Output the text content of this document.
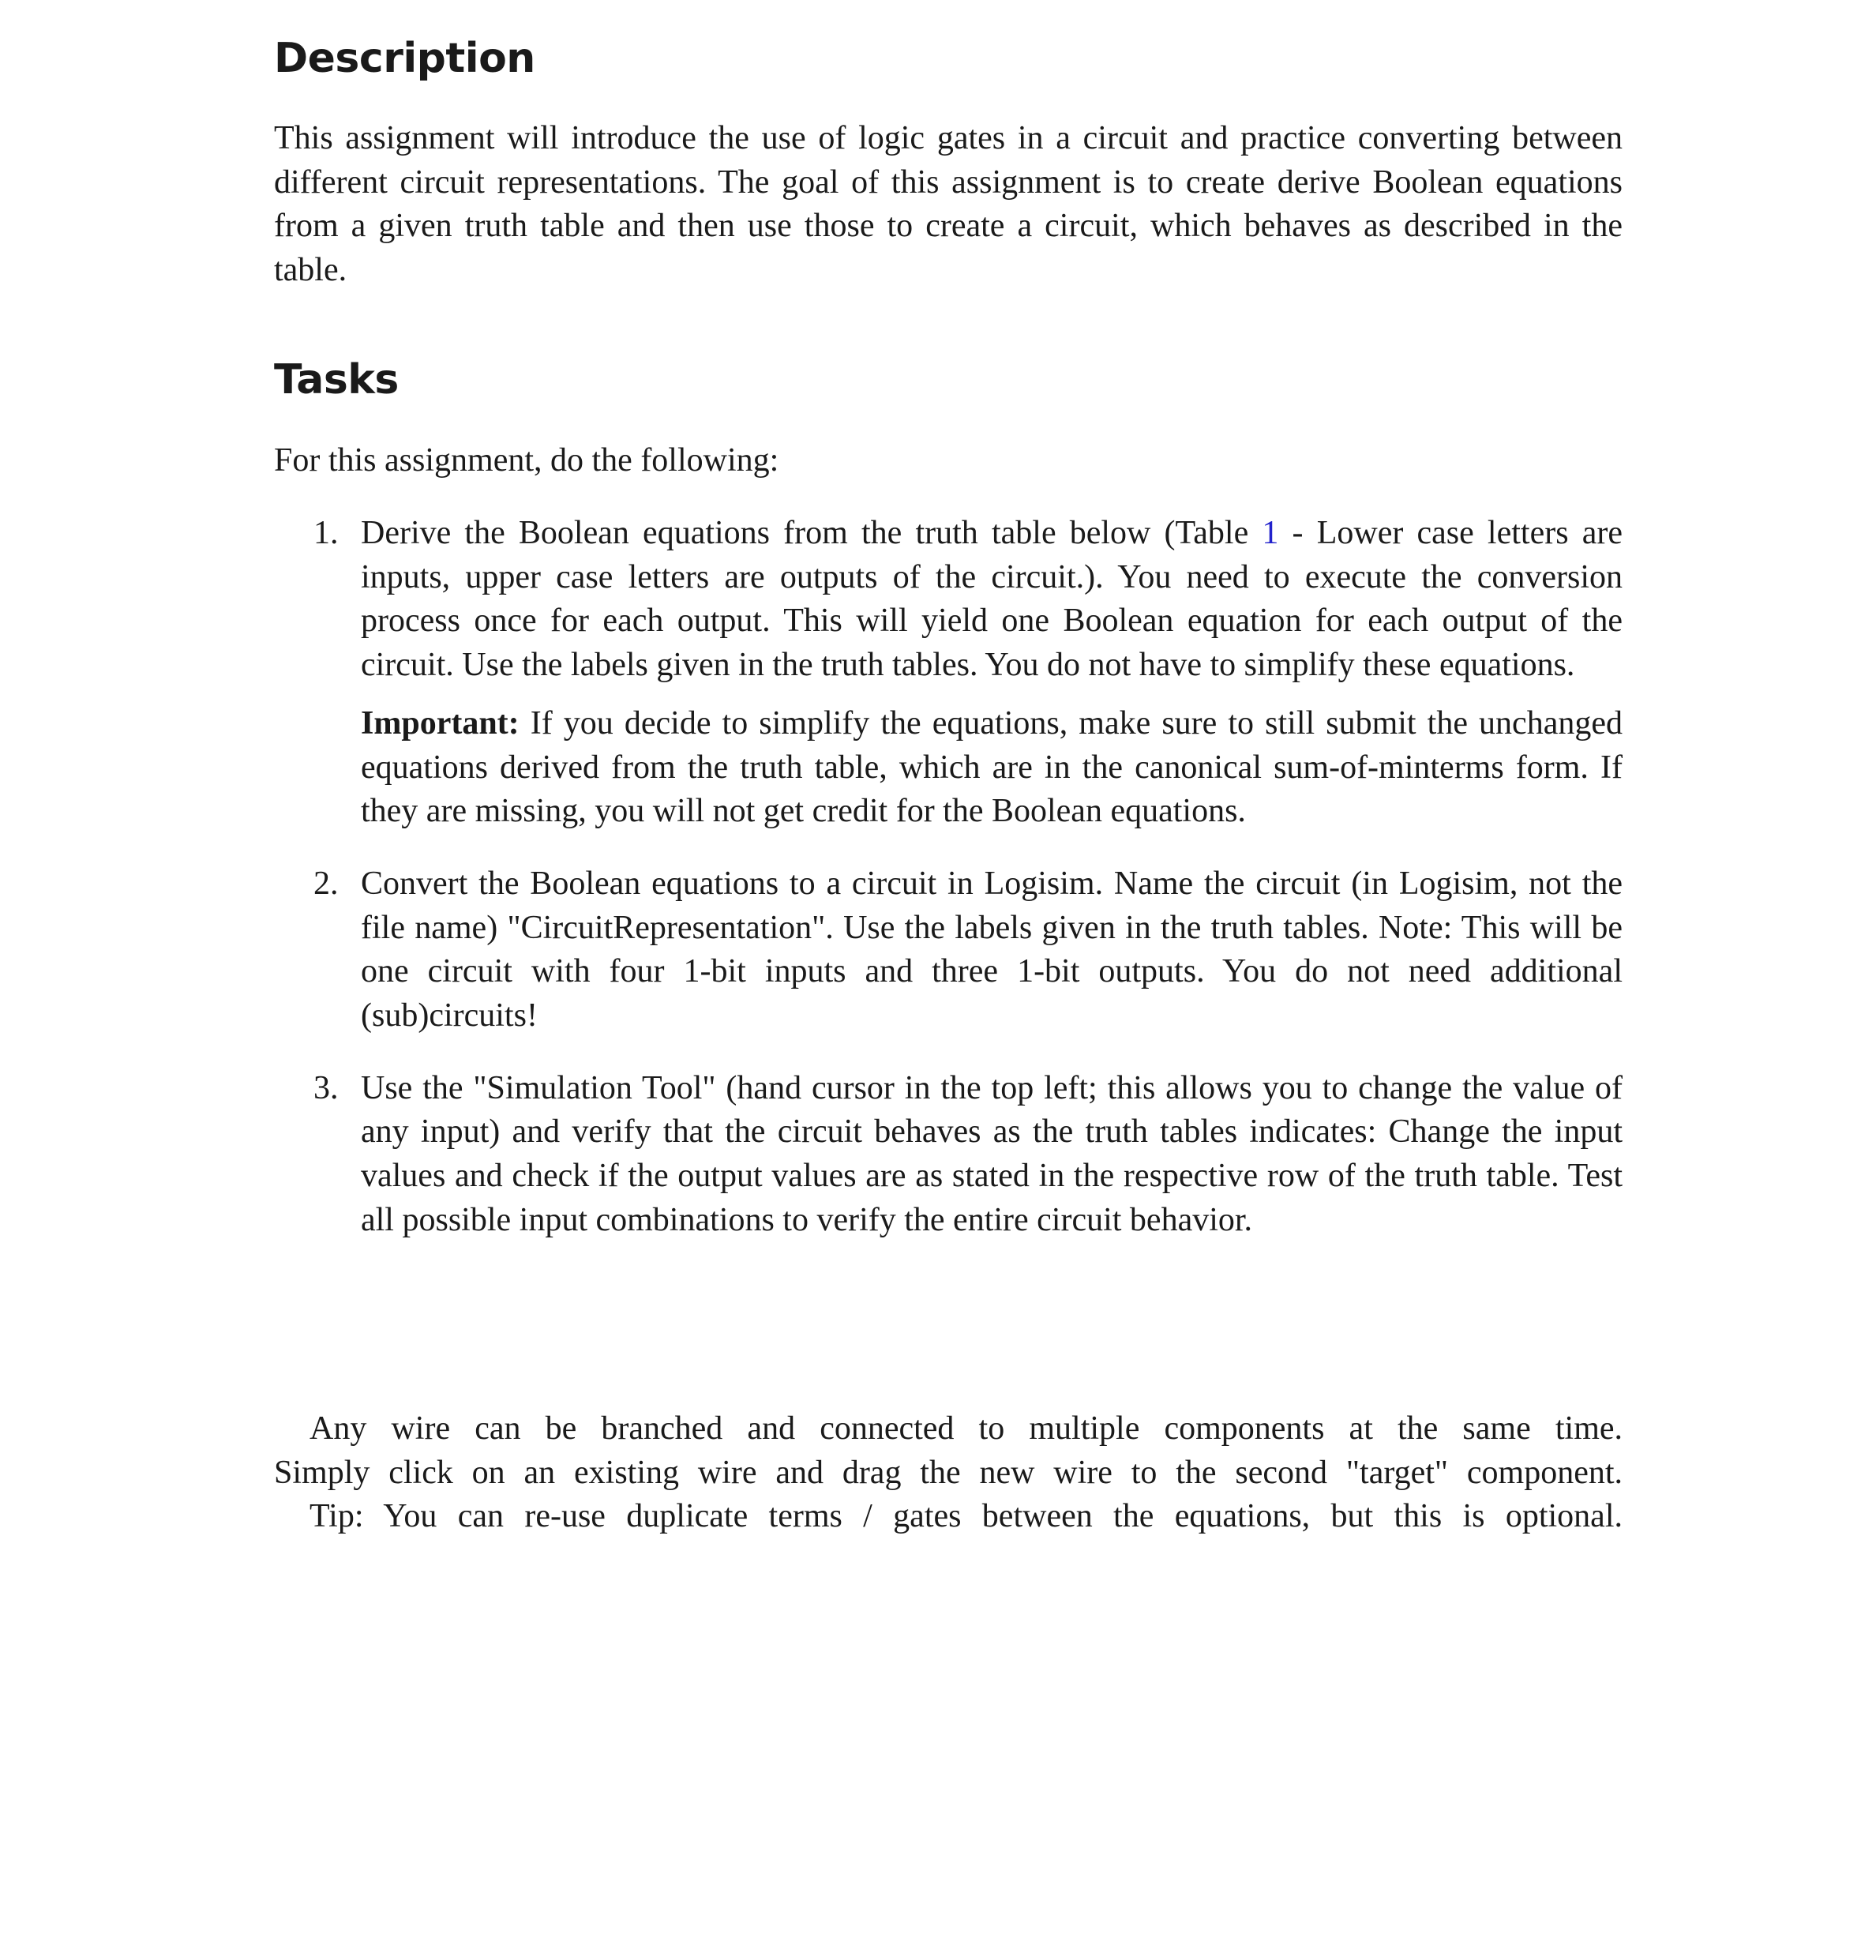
Description

This assignment will introduce the use of logic gates in a circuit and practice converting between different circuit representations. The goal of this assignment is to create derive Boolean equations from a given truth table and then use those to create a circuit, which behaves as described in the table.

Tasks

For this assignment, do the following:

1. Derive the Boolean equations from the truth table below (Table 1 - Lower case letters are inputs, upper case letters are outputs of the circuit.). You need to execute the conversion process once for each output. This will yield one Boolean equation for each output of the circuit. Use the labels given in the truth tables. You do not have to simplify these equations.

Important: If you decide to simplify the equations, make sure to still submit the unchanged equations derived from the truth table, which are in the canonical sum-of-minterms form. If they are missing, you will not get credit for the Boolean equations.

2. Convert the Boolean equations to a circuit in Logisim. Name the circuit (in Logisim, not the file name) "CircuitRepresentation". Use the labels given in the truth tables. Note: This will be one circuit with four 1-bit inputs and three 1-bit outputs. You do not need additional (sub)circuits!

3. Use the "Simulation Tool" (hand cursor in the top left; this allows you to change the value of any input) and verify that the circuit behaves as the truth tables indicates: Change the input values and check if the output values are as stated in the respective row of the truth table. Test all possible input combinations to verify the entire circuit behavior.

Any wire can be branched and connected to multiple components at the same time.
Simply click on an existing wire and drag the new wire to the second "target" component.

Tip: You can re-use duplicate terms / gates between the equations, but this is optional.
